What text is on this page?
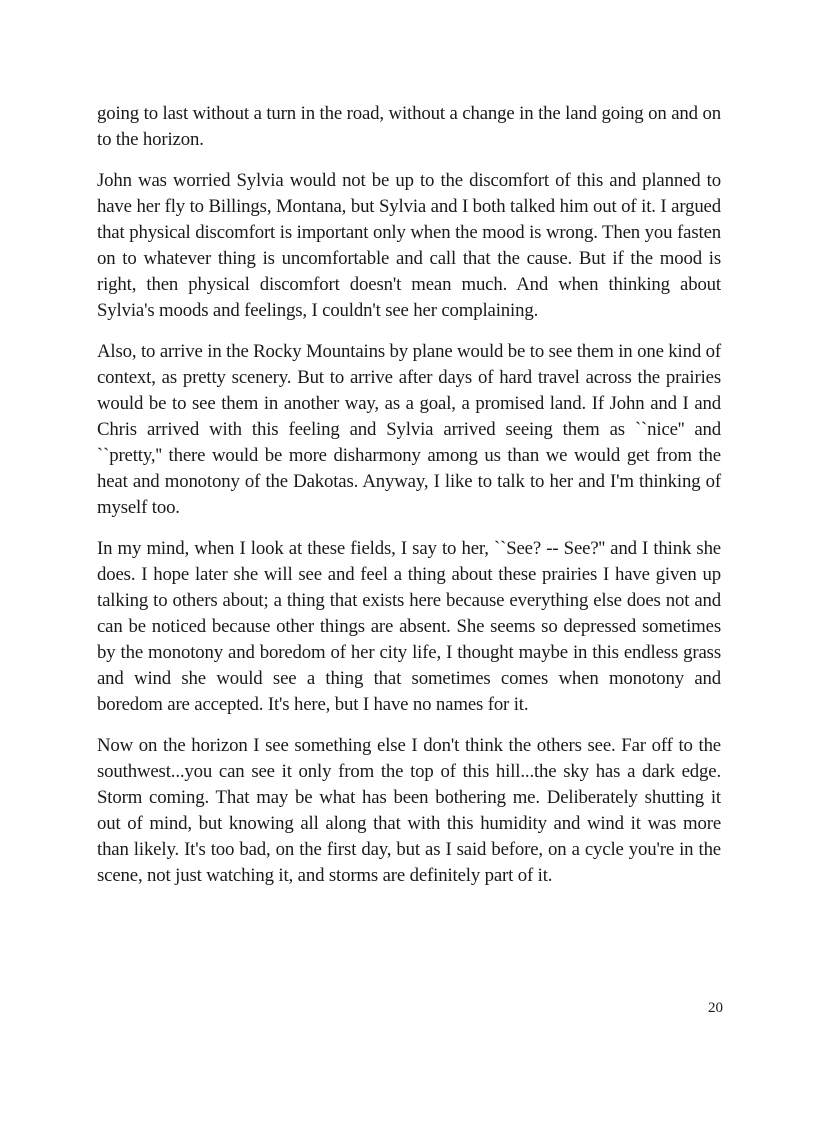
going to last without a turn in the road, without a change in the land going on and on to the horizon.

John was worried Sylvia would not be up to the discomfort of this and planned to have her fly to Billings, Montana, but Sylvia and I both talked him out of it. I argued that physical discomfort is important only when the mood is wrong. Then you fasten on to whatever thing is uncomfortable and call that the cause. But if the mood is right, then physical discomfort doesn't mean much. And when thinking about Sylvia's moods and feelings, I couldn't see her complaining.

Also, to arrive in the Rocky Mountains by plane would be to see them in one kind of context, as pretty scenery. But to arrive after days of hard travel across the prairies would be to see them in another way, as a goal, a promised land. If John and I and Chris arrived with this feeling and Sylvia arrived seeing them as ``nice'' and ``pretty,'' there would be more disharmony among us than we would get from the heat and monotony of the Dakotas. Anyway, I like to talk to her and I'm thinking of myself too.

In my mind, when I look at these fields, I say to her, ``See? -- See?'' and I think she does. I hope later she will see and feel a thing about these prairies I have given up talking to others about; a thing that exists here because everything else does not and can be noticed because other things are absent. She seems so depressed sometimes by the monotony and boredom of her city life, I thought maybe in this endless grass and wind she would see a thing that sometimes comes when monotony and boredom are accepted. It's here, but I have no names for it.

Now on the horizon I see something else I don't think the others see. Far off to the southwest...you can see it only from the top of this hill...the sky has a dark edge. Storm coming. That may be what has been bothering me. Deliberately shutting it out of mind, but knowing all along that with this humidity and wind it was more than likely. It's too bad, on the first day, but as I said before, on a cycle you're in the scene, not just watching it, and storms are definitely part of it.

20
